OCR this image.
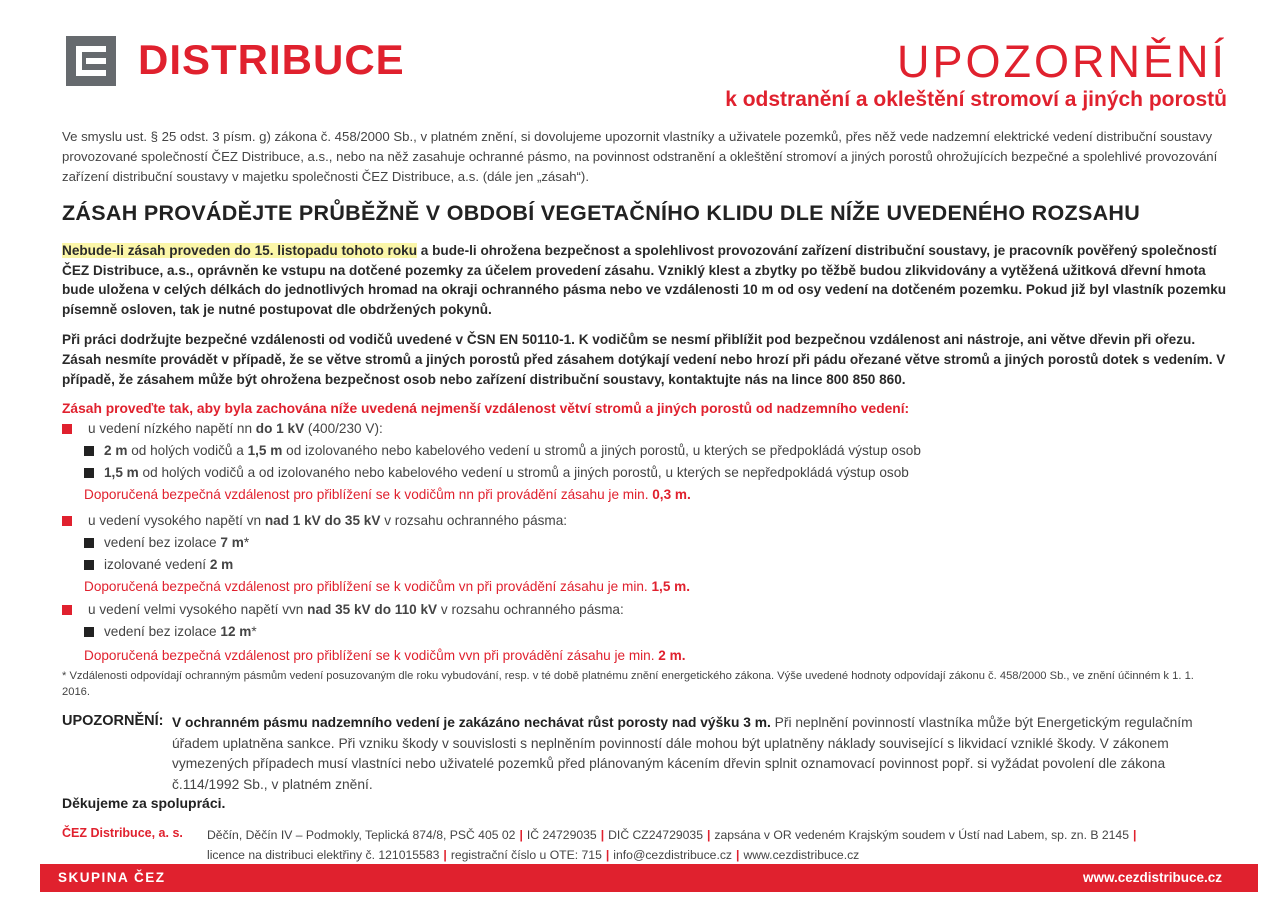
DISTRIBUCE	UPOZORNĚNÍ
k odstranění a okleštění stromoví a jiných porostů
Ve smyslu ust. § 25 odst. 3 písm. g) zákona č. 458/2000 Sb., v platném znění, si dovolujeme upozornit vlastníky a uživatele pozemků, přes něž vede nadzemní elektrické vedení distribuční soustavy provozované společností ČEZ Distribuce, a.s., nebo na něž zasahuje ochranné pásmo, na povinnost odstranění a okleštění stromoví a jiných porostů ohrožujících bezpečné a spolehlivé provozování zařízení distribuční soustavy v majetku společnosti ČEZ Distribuce, a.s. (dále jen „zásah“).
ZÁSAH PROVÁDĚJTE PRŮBĚŽNĚ V OBDOBÍ VEGETAČNÍHO KLIDU DLE NÍŽE UVEDENÉHO ROZSAHU
Nebude-li zásah proveden do 15. listopadu tohoto roku a bude-li ohrožena bezpečnost a spolehlivost provozování zařízení distribuční soustavy, je pracovník pověřený společností ČEZ Distribuce, a.s., oprávněn ke vstupu na dotčené pozemky za účelem provedení zásahu. Vzniklý klest a zbytky po těžbě budou zlikvidovány a vytěžená užitková dřevní hmota bude uložena v celých délkách do jednotlivých hromad na okraji ochranného pásma nebo ve vzdálenosti 10 m od osy vedení na dotčeném pozemku. Pokud již byl vlastník pozemku písemně osloven, tak je nutné postupovat dle obdržených pokynů.
Při práci dodržujte bezpečné vzdálenosti od vodičů uvedené v ČSN EN 50110-1. K vodičům se nesmí přiblížit pod bezpečnou vzdálenost ani nástroje, ani větve dřevin při ořezu. Zásah nesmíte provádět v případě, že se větve stromů a jiných porostů před zásahem dotýkají vedení nebo hrozí při pádu ořezané větve stromů a jiných porostů dotek s vedením. V případě, že zásahem může být ohrožena bezpečnost osob nebo zařízení distribuční soustavy, kontaktujte nás na lince 800 850 860.
Zásah proveďte tak, aby byla zachována níže uvedená nejmenší vzdálenost větví stromů a jiných porostů od nadzemního vedení:
u vedení nízkého napětí nn do 1 kV (400/230 V):
2 m od holých vodičů a 1,5 m od izolovaného nebo kabelového vedení u stromů a jiných porostů, u kterých se předpokládá výstup osob
1,5 m od holých vodičů a od izolovaného nebo kabelového vedení u stromů a jiných porostů, u kterých se nepředpokládá výstup osob
Doporučená bezpečná vzdálenost pro přiblížení se k vodičům nn při provádění zásahu je min. 0,3 m.
u vedení vysokého napětí vn nad 1 kV do 35 kV v rozsahu ochranného pásma:
vedení bez izolace 7 m*
izolované vedení 2 m
Doporučená bezpečná vzdálenost pro přiblížení se k vodičům vn při provádění zásahu je min. 1,5 m.
u vedení velmi vysokého napětí vvn nad 35 kV do 110 kV v rozsahu ochranného pásma:
vedení bez izolace 12 m*
Doporučená bezpečná vzdálenost pro přiblížení se k vodičům vvn při provádění zásahu je min. 2 m.
* Vzdálenosti odpovídají ochranným pásmům vedení posuzovaným dle roku vybudování, resp. v té době platnému znění energetického zákona. Výše uvedené hodnoty odpovídají zákonu č. 458/2000 Sb., ve znění účinném k 1. 1. 2016.
UPOZORNĚNÍ: V ochranném pásmu nadzemního vedení je zakázáno nechávat růst porosty nad výšku 3 m. Při neplnění povinností vlastníka může být Energetickým regulačním úřadem uplatněna sankce. Při vzniku škody v souvislosti s neplněním povinností dále mohou být uplatněny náklady související s likvidací vzniklé škody. V zákonem vymezených případech musí vlastníci nebo uživatelé pozemků před plánovaným kácením dřevin splnit oznamovací povinnost popř. si vyžádat povolení dle zákona č.114/1992 Sb., v platném znění.
Děkujeme za spolupráci.
ČEZ Distribuce, a. s. Děčín, Děčín IV – Podmokly, Teplická 874/8, PSČ 405 02 | IČ 24729035 | DIČ CZ24729035 | zapsána v OR vedeném Krajským soudem v Ústí nad Labem, sp. zn. B 2145 |
licence na distribuci elektřiny č. 121015583 | registrační číslo u OTE: 715 | info@cezdistribuce.cz | www.cezdistribuce.cz
SKUPINA ČEZ	www.cezdistribuce.cz
